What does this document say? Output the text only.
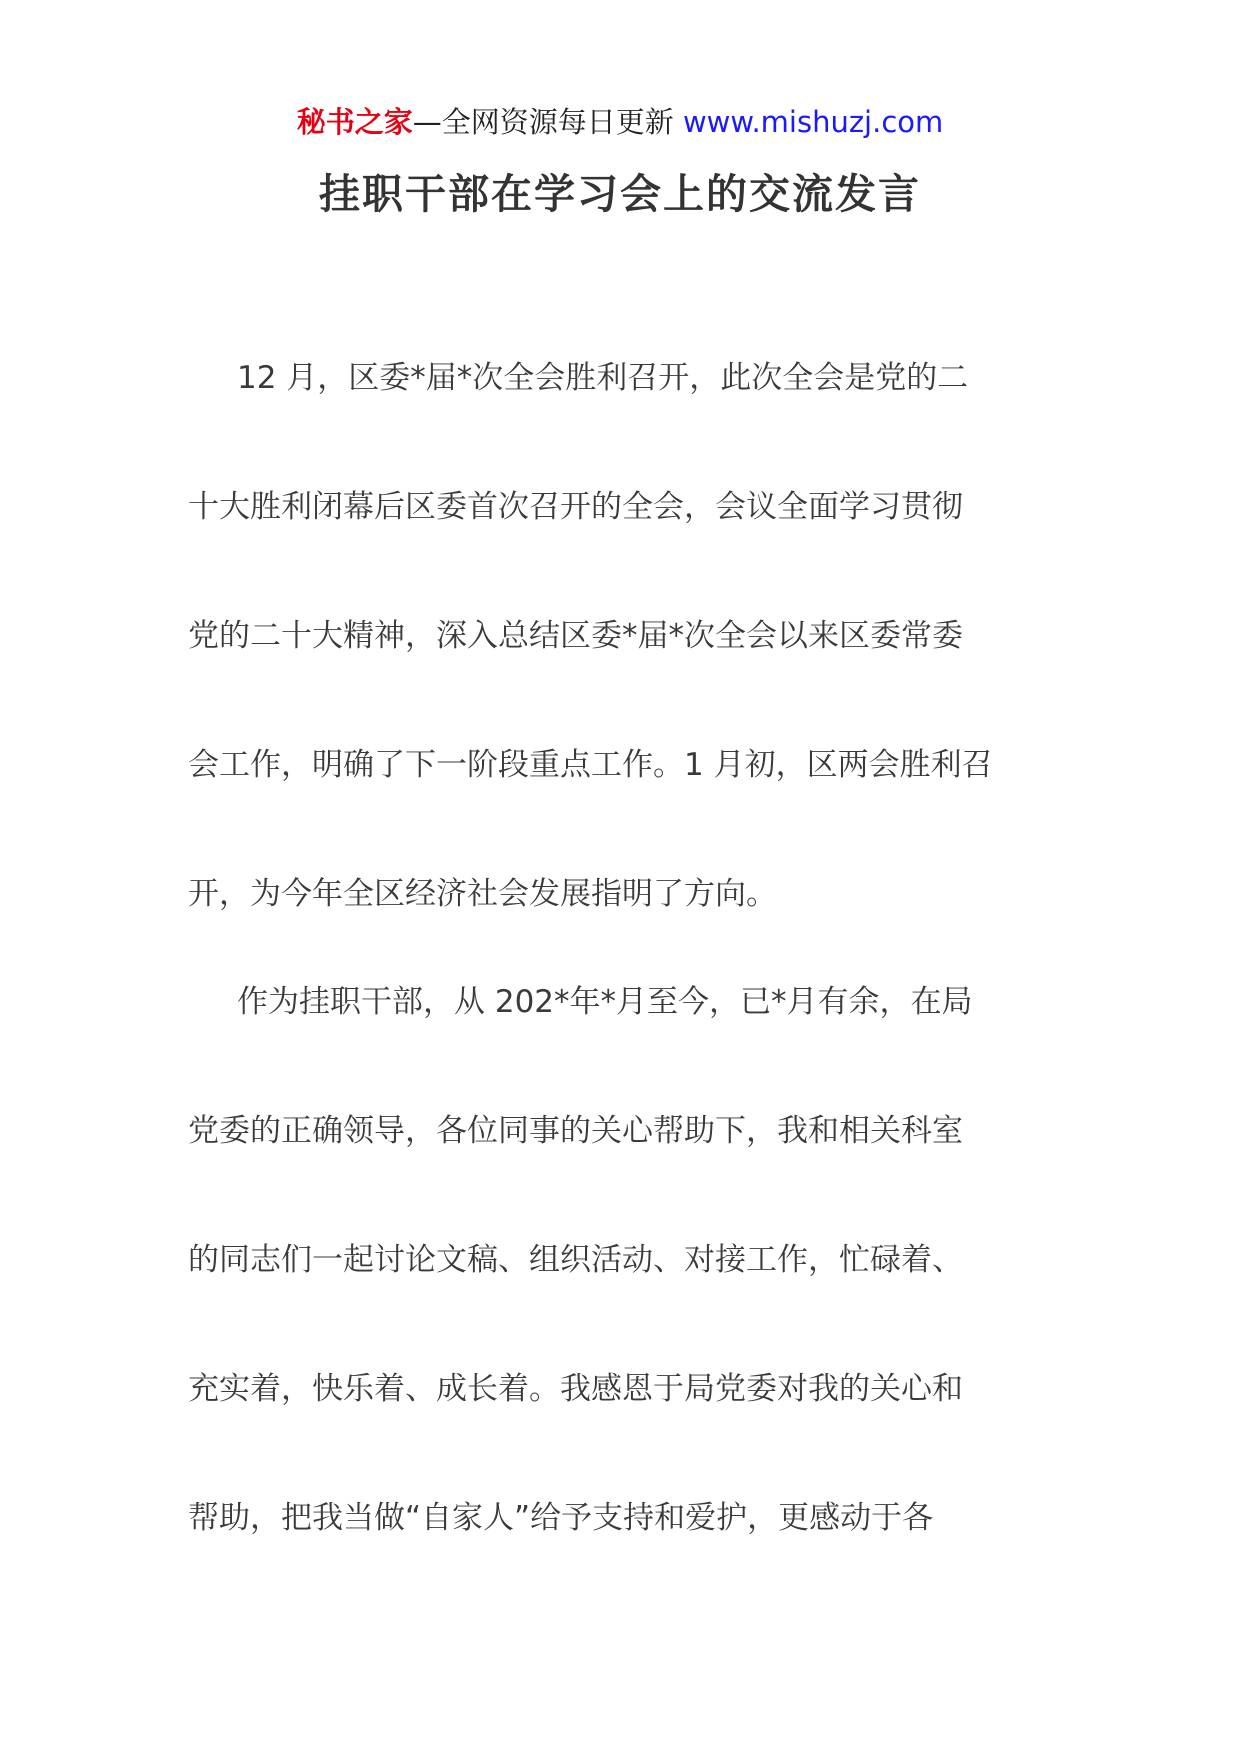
秘书之家—全网资源每日更新 www.mishuzj.com
挂职干部在学习会上的交流发言
12 月，区委*届*次全会胜利召开，此次全会是党的二
十大胜利闭幕后区委首次召开的全会，会议全面学习贯彻
党的二十大精神，深入总结区委*届*次全会以来区委常委
会工作，明确了下一阶段重点工作。1 月初，区两会胜利召
开，为今年全区经济社会发展指明了方向。
作为挂职干部，从 202*年*月至今，已*月有余，在局
党委的正确领导，各位同事的关心帮助下，我和相关科室
的同志们一起讨论文稿、组织活动、对接工作，忙碌着、
充实着，快乐着、成长着。我感恩于局党委对我的关心和
帮助，把我当做“自家人”给予支持和爱护，更感动于各
